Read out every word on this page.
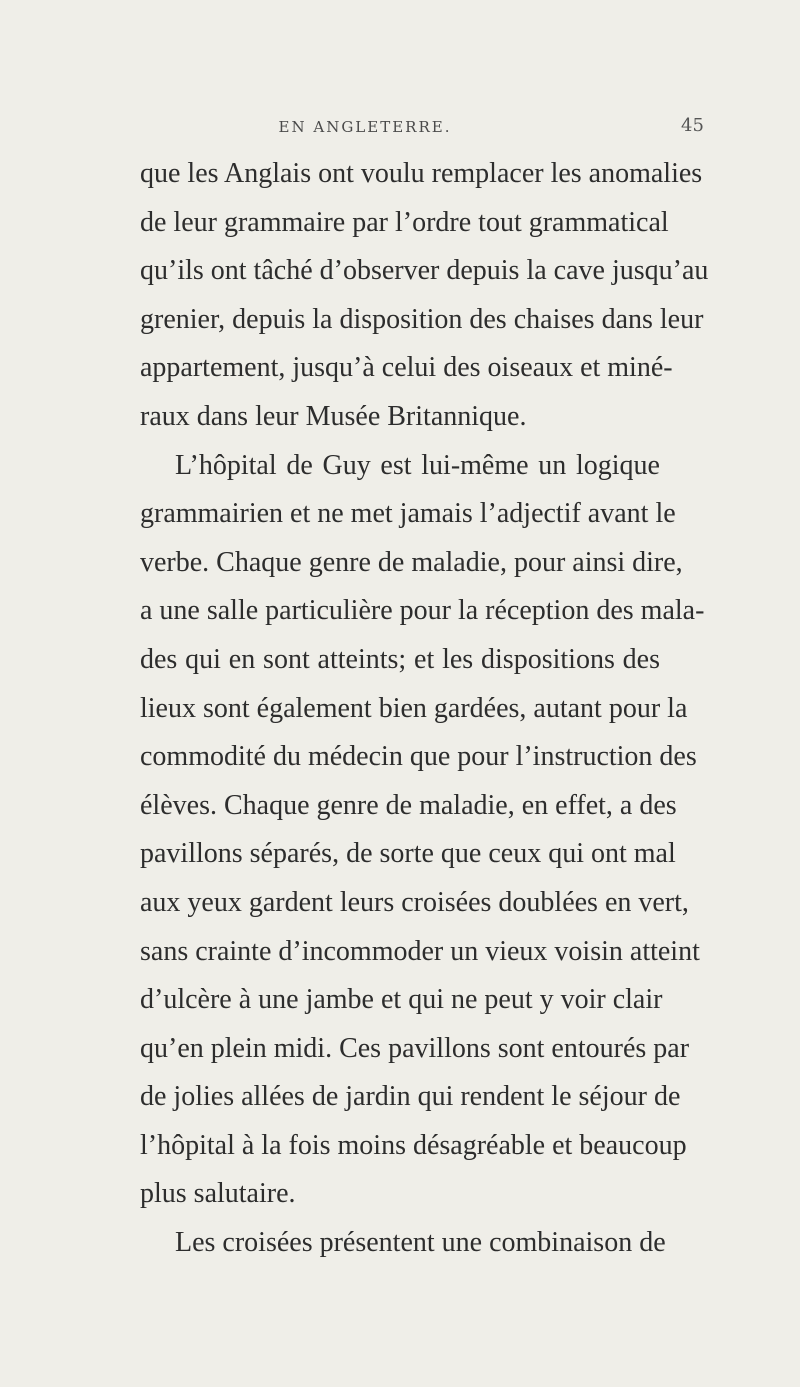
EN ANGLETERRE.	45
que les Anglais ont voulu remplacer les anomalies
de leur grammaire par l’ordre tout grammatical
qu’ils ont tâché d’observer depuis la cave jusqu’au
grenier, depuis la disposition des chaises dans leur
appartement, jusqu’à celui des oiseaux et miné-
raux dans leur Musée Britannique.
L’hôpital de Guy est lui-même un logique
grammairien et ne met jamais l’adjectif avant le
verbe. Chaque genre de maladie, pour ainsi dire,
a une salle particulière pour la réception des mala-
des qui en sont atteints; et les dispositions des
lieux sont également bien gardées, autant pour la
commodité du médecin que pour l’instruction des
élèves. Chaque genre de maladie, en effet, a des
pavillons séparés, de sorte que ceux qui ont mal
aux yeux gardent leurs croisées doublées en vert,
sans crainte d’incommoder un vieux voisin atteint
d’ulcère à une jambe et qui ne peut y voir clair
qu’en plein midi. Ces pavillons sont entourés par
de jolies allées de jardin qui rendent le séjour de
l’hôpital à la fois moins désagréable et beaucoup
plus salutaire.
Les croisées présentent une combinaison de
